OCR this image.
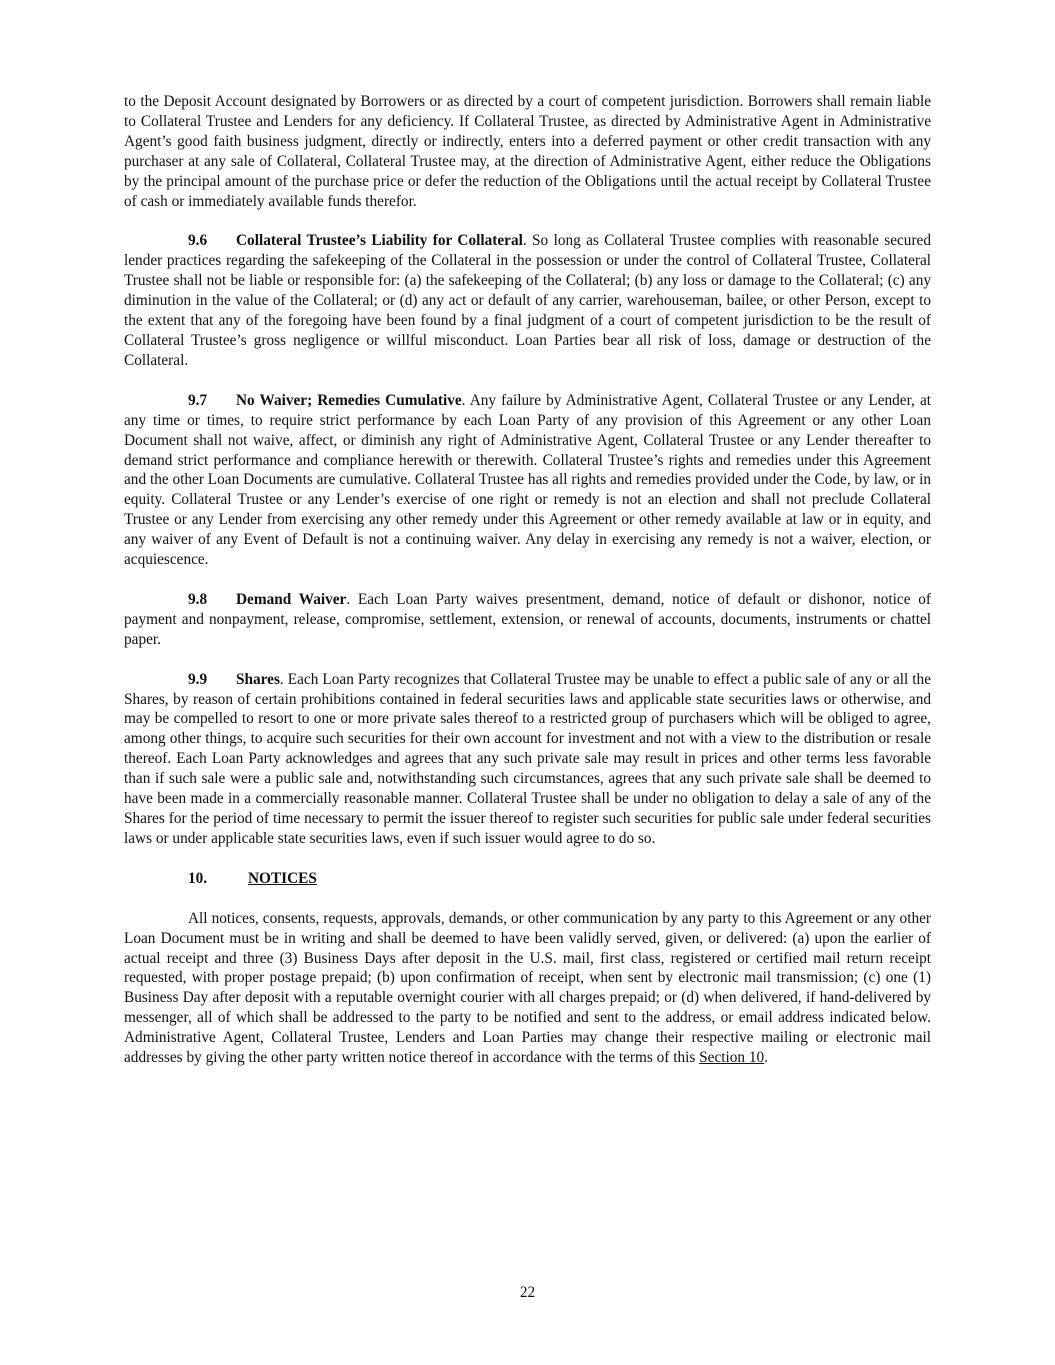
to the Deposit Account designated by Borrowers or as directed by a court of competent jurisdiction. Borrowers shall remain liable to Collateral Trustee and Lenders for any deficiency. If Collateral Trustee, as directed by Administrative Agent in Administrative Agent’s good faith business judgment, directly or indirectly, enters into a deferred payment or other credit transaction with any purchaser at any sale of Collateral, Collateral Trustee may, at the direction of Administrative Agent, either reduce the Obligations by the principal amount of the purchase price or defer the reduction of the Obligations until the actual receipt by Collateral Trustee of cash or immediately available funds therefor.

9.6 Collateral Trustee’s Liability for Collateral. So long as Collateral Trustee complies with reasonable secured lender practices regarding the safekeeping of the Collateral in the possession or under the control of Collateral Trustee, Collateral Trustee shall not be liable or responsible for: (a) the safekeeping of the Collateral; (b) any loss or damage to the Collateral; (c) any diminution in the value of the Collateral; or (d) any act or default of any carrier, warehouseman, bailee, or other Person, except to the extent that any of the foregoing have been found by a final judgment of a court of competent jurisdiction to be the result of Collateral Trustee’s gross negligence or willful misconduct. Loan Parties bear all risk of loss, damage or destruction of the Collateral.

9.7 No Waiver; Remedies Cumulative. Any failure by Administrative Agent, Collateral Trustee or any Lender, at any time or times, to require strict performance by each Loan Party of any provision of this Agreement or any other Loan Document shall not waive, affect, or diminish any right of Administrative Agent, Collateral Trustee or any Lender thereafter to demand strict performance and compliance herewith or therewith. Collateral Trustee’s rights and remedies under this Agreement and the other Loan Documents are cumulative. Collateral Trustee has all rights and remedies provided under the Code, by law, or in equity. Collateral Trustee or any Lender’s exercise of one right or remedy is not an election and shall not preclude Collateral Trustee or any Lender from exercising any other remedy under this Agreement or other remedy available at law or in equity, and any waiver of any Event of Default is not a continuing waiver. Any delay in exercising any remedy is not a waiver, election, or acquiescence.

9.8 Demand Waiver. Each Loan Party waives presentment, demand, notice of default or dishonor, notice of payment and nonpayment, release, compromise, settlement, extension, or renewal of accounts, documents, instruments or chattel paper.

9.9 Shares. Each Loan Party recognizes that Collateral Trustee may be unable to effect a public sale of any or all the Shares, by reason of certain prohibitions contained in federal securities laws and applicable state securities laws or otherwise, and may be compelled to resort to one or more private sales thereof to a restricted group of purchasers which will be obliged to agree, among other things, to acquire such securities for their own account for investment and not with a view to the distribution or resale thereof. Each Loan Party acknowledges and agrees that any such private sale may result in prices and other terms less favorable than if such sale were a public sale and, notwithstanding such circumstances, agrees that any such private sale shall be deemed to have been made in a commercially reasonable manner. Collateral Trustee shall be under no obligation to delay a sale of any of the Shares for the period of time necessary to permit the issuer thereof to register such securities for public sale under federal securities laws or under applicable state securities laws, even if such issuer would agree to do so.

10.	NOTICES

All notices, consents, requests, approvals, demands, or other communication by any party to this Agreement or any other Loan Document must be in writing and shall be deemed to have been validly served, given, or delivered: (a) upon the earlier of actual receipt and three (3) Business Days after deposit in the U.S. mail, first class, registered or certified mail return receipt requested, with proper postage prepaid; (b) upon confirmation of receipt, when sent by electronic mail transmission; (c) one (1) Business Day after deposit with a reputable overnight courier with all charges prepaid; or (d) when delivered, if hand-delivered by messenger, all of which shall be addressed to the party to be notified and sent to the address, or email address indicated below. Administrative Agent, Collateral Trustee, Lenders and Loan Parties may change their respective mailing or electronic mail addresses by giving the other party written notice thereof in accordance with the terms of this Section 10.

22
